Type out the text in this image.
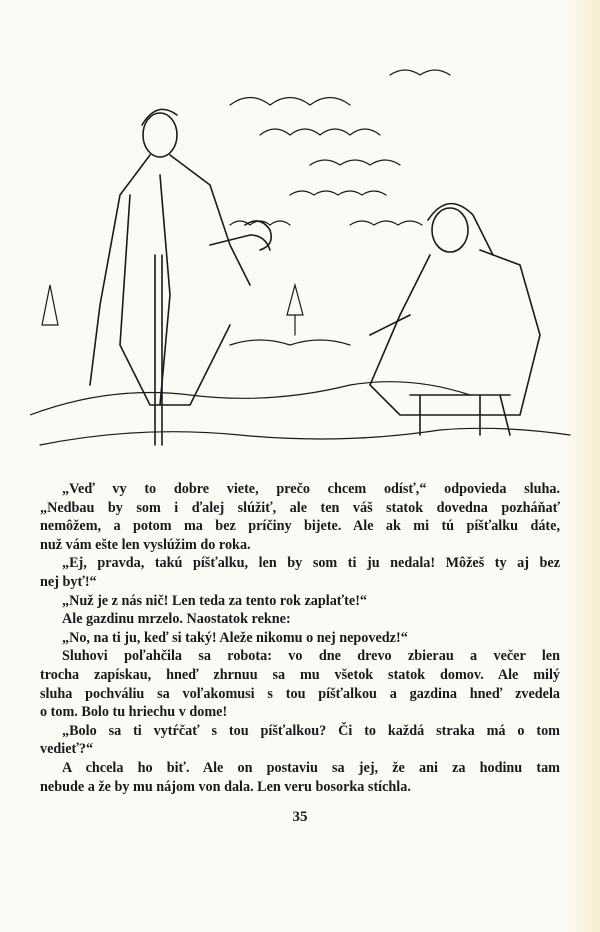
„Veď vy to dobre viete, prečo chcem odísť,“ odpovieda sluha.
„Nedbau by som i ďalej slúžiť, ale ten váš statok dovedna pozháňať
nemôžem, a potom ma bez príčiny bijete. Ale ak mi tú píšťalku dáte,
nuž vám ešte len vyslúžim do roka.
„Ej, pravda, takú píšťalku, len by som ti ju nedala! Môžeš ty aj bez
nej byť!“
„Nuž je z nás nič! Len teda za tento rok zaplaťte!“
Ale gazdinu mrzelo. Naostatok rekne:
„No, na ti ju, keď si taký! Aleže nikomu o nej nepovedz!“
Sluhovi poľahčila sa robota: vo dne drevo zbierau a večer len
trocha zapískau, hneď zhrnuu sa mu všetok statok domov. Ale milý
sluha pochváliu sa voľakomusi s tou píšťalkou a gazdina hneď zvedela
o tom. Bolo tu hriechu v dome!
„Bolo sa ti vytŕčať s tou píšťalkou? Či to každá straka má o tom
vedieť?“
A chcela ho biť. Ale on postaviu sa jej, že ani za hodinu tam
nebude a že by mu nájom von dala. Len veru bosorka stíchla.
35
